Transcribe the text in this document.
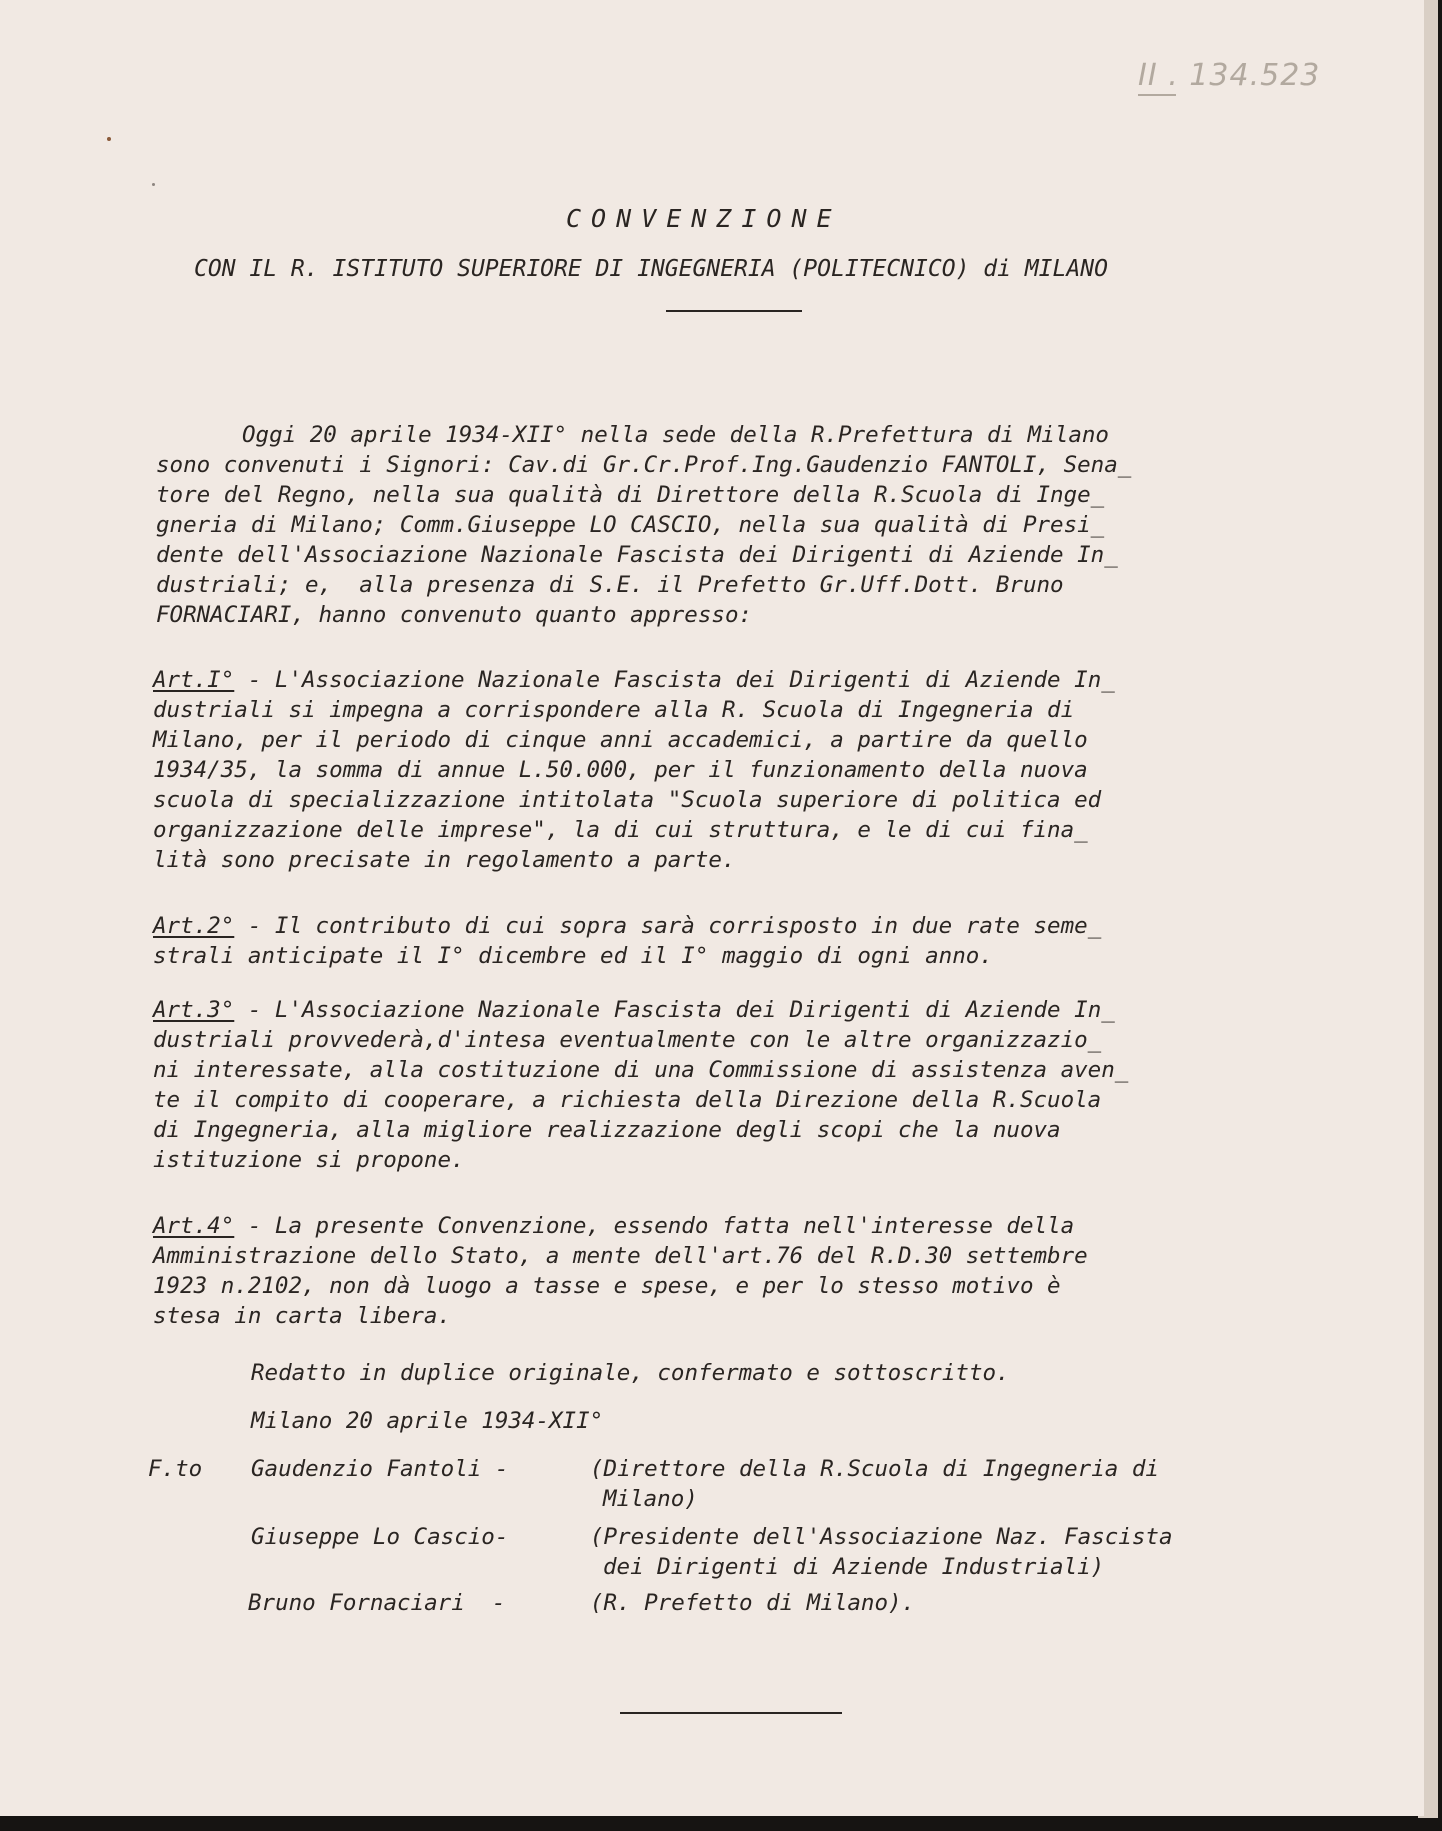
II . 134.523
CONVENZIONE
CON IL R. ISTITUTO SUPERIORE DI INGEGNERIA (POLITECNICO) di MILANO
Oggi 20 aprile 1934-XII° nella sede della R.Prefettura di Milano
sono convenuti i Signori: Cav.di Gr.Cr.Prof.Ing.Gaudenzio FANTOLI, Sena_
tore del Regno, nella sua qualità di Direttore della R.Scuola di Inge_
gneria di Milano; Comm.Giuseppe LO CASCIO, nella sua qualità di Presi_
dente dell'Associazione Nazionale Fascista dei Dirigenti di Aziende In_
dustriali; e,  alla presenza di S.E. il Prefetto Gr.Uff.Dott. Bruno
FORNACIARI, hanno convenuto quanto appresso:
Art.I° - L'Associazione Nazionale Fascista dei Dirigenti di Aziende In_
dustriali si impegna a corrispondere alla R. Scuola di Ingegneria di
Milano, per il periodo di cinque anni accademici, a partire da quello
1934/35, la somma di annue L.50.000, per il funzionamento della nuova
scuola di specializzazione intitolata "Scuola superiore di politica ed
organizzazione delle imprese", la di cui struttura, e le di cui fina_
lità sono precisate in regolamento a parte.
Art.2° - Il contributo di cui sopra sarà corrisposto in due rate seme_
strali anticipate il I° dicembre ed il I° maggio di ogni anno.
Art.3° - L'Associazione Nazionale Fascista dei Dirigenti di Aziende In_
dustriali provvederà,d'intesa eventualmente con le altre organizzazio_
ni interessate, alla costituzione di una Commissione di assistenza aven_
te il compito di cooperare, a richiesta della Direzione della R.Scuola
di Ingegneria, alla migliore realizzazione degli scopi che la nuova
istituzione si propone.
Art.4° - La presente Convenzione, essendo fatta nell'interesse della
Amministrazione dello Stato, a mente dell'art.76 del R.D.30 settembre
1923 n.2102, non dà luogo a tasse e spese, e per lo stesso motivo è
stesa in carta libera.
Redatto in duplice originale, confermato e sottoscritto.
Milano 20 aprile 1934-XII°
F.to Gaudenzio Fantoli -	(Direttore della R.Scuola di Ingegneria di
Milano)
Giuseppe Lo Cascio-	(Presidente dell'Associazione Naz. Fascista
dei Dirigenti di Aziende Industriali)
Bruno Fornaciari  -	(R. Prefetto di Milano).
